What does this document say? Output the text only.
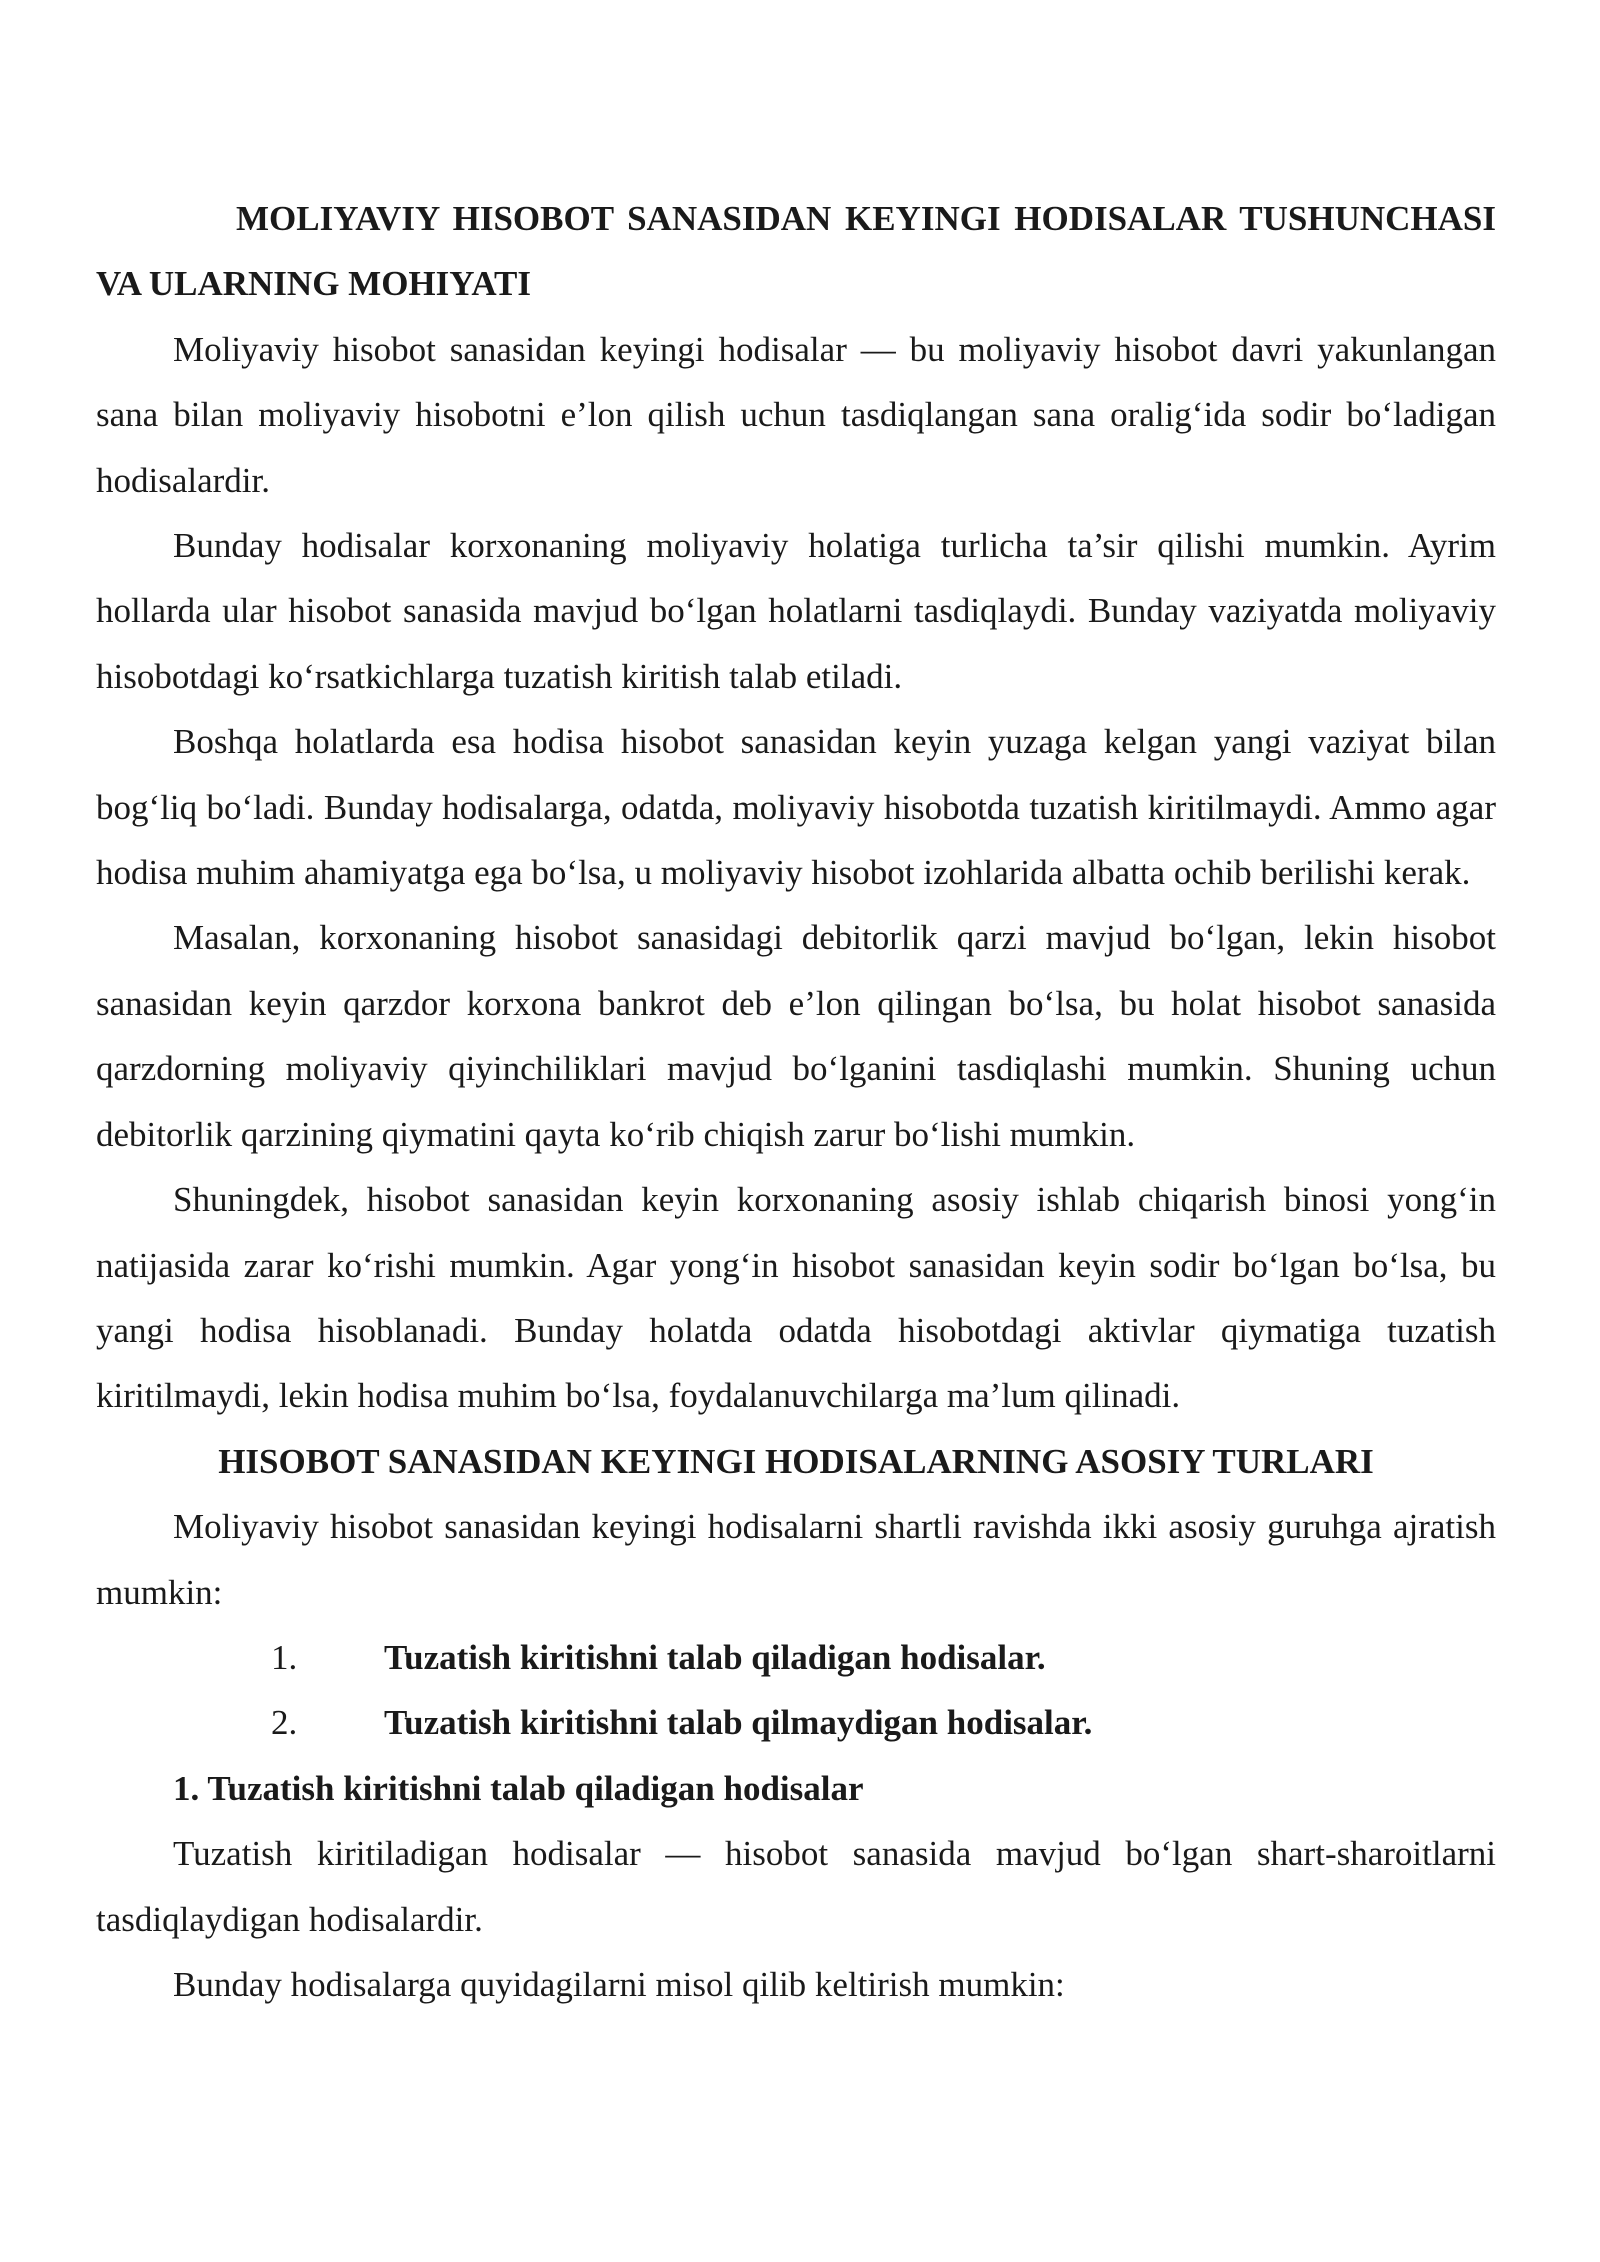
MOLIYAVIY HISOBOT SANASIDAN KEYINGI HODISALAR TUSHUNCHASI VA ULARNING MOHIYATI

Moliyaviy hisobot sanasidan keyingi hodisalar — bu moliyaviy hisobot davri yakunlangan sana bilan moliyaviy hisobotni e’lon qilish uchun tasdiqlangan sana oralig‘ida sodir bo‘ladigan hodisalardir.

Bunday hodisalar korxonaning moliyaviy holatiga turlicha ta’sir qilishi mumkin. Ayrim hollarda ular hisobot sanasida mavjud bo‘lgan holatlarni tasdiqlaydi. Bunday vaziyatda moliyaviy hisobotdagi ko‘rsatkichlarga tuzatish kiritish talab etiladi.

Boshqa holatlarda esa hodisa hisobot sanasidan keyin yuzaga kelgan yangi vaziyat bilan bog‘liq bo‘ladi. Bunday hodisalarga, odatda, moliyaviy hisobotda tuzatish kiritilmaydi. Ammo agar hodisa muhim ahamiyatga ega bo‘lsa, u moliyaviy hisobot izohlarida albatta ochib berilishi kerak.

Masalan, korxonaning hisobot sanasidagi debitorlik qarzi mavjud bo‘lgan, lekin hisobot sanasidan keyin qarzdor korxona bankrot deb e’lon qilingan bo‘lsa, bu holat hisobot sanasida qarzdorning moliyaviy qiyinchiliklari mavjud bo‘lganini tasdiqlashi mumkin. Shuning uchun debitorlik qarzining qiymatini qayta ko‘rib chiqish zarur bo‘lishi mumkin.

Shuningdek, hisobot sanasidan keyin korxonaning asosiy ishlab chiqarish binosi yong‘in natijasida zarar ko‘rishi mumkin. Agar yong‘in hisobot sanasidan keyin sodir bo‘lgan bo‘lsa, bu yangi hodisa hisoblanadi. Bunday holatda odatda hisobotdagi aktivlar qiymatiga tuzatish kiritilmaydi, lekin hodisa muhim bo‘lsa, foydalanuvchilarga ma’lum qilinadi.

HISOBOT SANASIDAN KEYINGI HODISALARNING ASOSIY TURLARI

Moliyaviy hisobot sanasidan keyingi hodisalarni shartli ravishda ikki asosiy guruhga ajratish mumkin:

1.	Tuzatish kiritishni talab qiladigan hodisalar.
2.	Tuzatish kiritishni talab qilmaydigan hodisalar.

1. Tuzatish kiritishni talab qiladigan hodisalar

Tuzatish kiritiladigan hodisalar — hisobot sanasida mavjud bo‘lgan shart-sharoitlarni tasdiqlaydigan hodisalardir.

Bunday hodisalarga quyidagilarni misol qilib keltirish mumkin:
